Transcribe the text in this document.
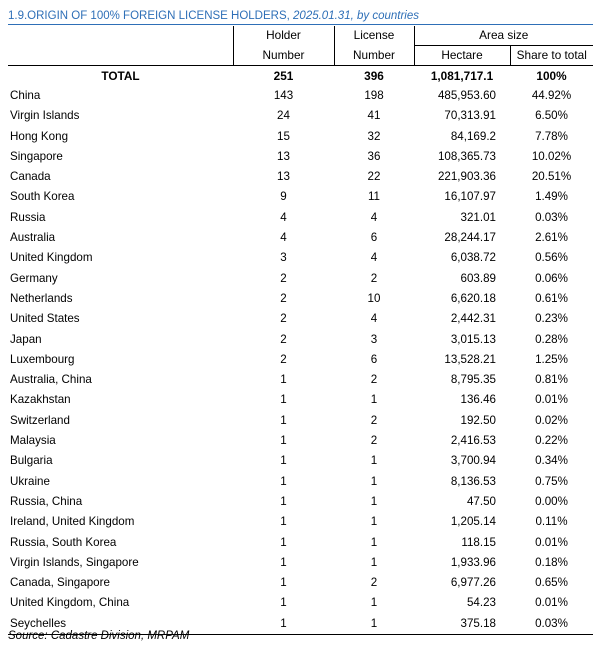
1.9.ORIGIN OF 100% FOREIGN LICENSE HOLDERS, 2025.01.31, by countries
	Holder	License	Area size	
	Number	Number	Hectare	Share to total
TOTAL	251	396	1,081,717.1	100%
China	143	198	485,953.60	44.92%
Virgin Islands	24	41	70,313.91	6.50%
Hong Kong	15	32	84,169.2	7.78%
Singapore	13	36	108,365.73	10.02%
Canada	13	22	221,903.36	20.51%
South Korea	9	11	16,107.97	1.49%
Russia	4	4	321.01	0.03%
Australia	4	6	28,244.17	2.61%
United Kingdom	3	4	6,038.72	0.56%
Germany	2	2	603.89	0.06%
Netherlands	2	10	6,620.18	0.61%
United States	2	4	2,442.31	0.23%
Japan	2	3	3,015.13	0.28%
Luxembourg	2	6	13,528.21	1.25%
Australia, China	1	2	8,795.35	0.81%
Kazakhstan	1	1	136.46	0.01%
Switzerland	1	2	192.50	0.02%
Malaysia	1	2	2,416.53	0.22%
Bulgaria	1	1	3,700.94	0.34%
Ukraine	1	1	8,136.53	0.75%
Russia, China	1	1	47.50	0.00%
Ireland, United Kingdom	1	1	1,205.14	0.11%
Russia, South Korea	1	1	118.15	0.01%
Virgin Islands, Singapore	1	1	1,933.96	0.18%
Canada, Singapore	1	2	6,977.26	0.65%
United Kingdom, China	1	1	54.23	0.01%
Seychelles	1	1	375.18	0.03%
Source: Cadastre Division, MRPAM
